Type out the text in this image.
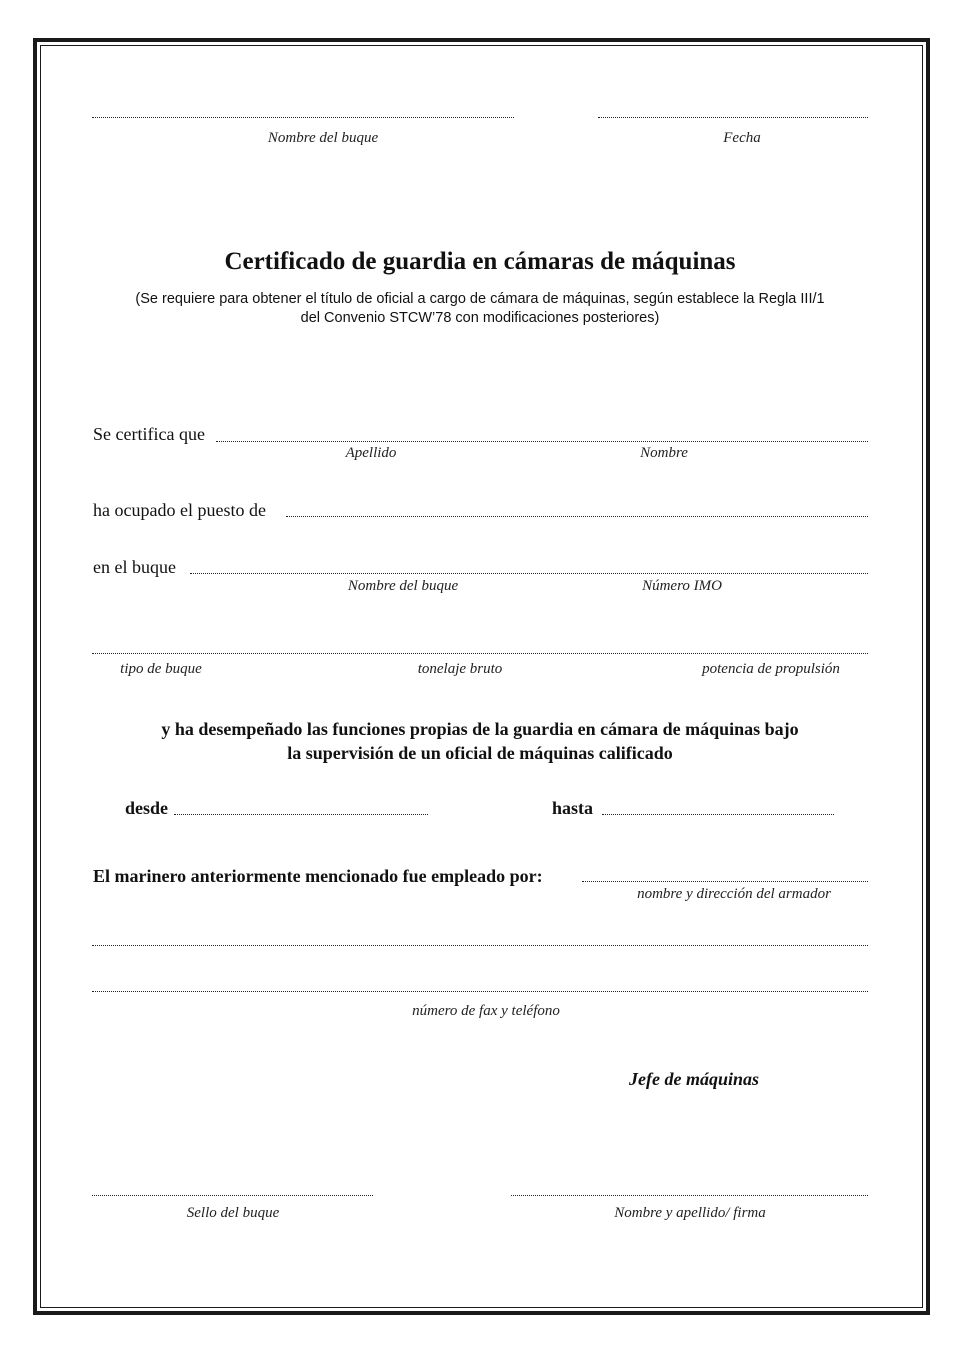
Nombre del buque	Fecha
Certificado de guardia en cámaras de máquinas
(Se requiere para obtener el título de oficial a cargo de cámara de máquinas, según establece la Regla III/1
del Convenio STCW’78 con modificaciones posteriores)
Se certifica que
Apellido	Nombre
ha ocupado el puesto de
en el buque
Nombre del buque	Número IMO
tipo de buque	tonelaje bruto	potencia de propulsión
y ha desempeñado las funciones propias de la guardia en cámara de máquinas bajo
la supervisión de un oficial de máquinas calificado
desde	hasta
El marinero anteriormente mencionado fue empleado por:
nombre y dirección del armador
número de fax y teléfono
Jefe de máquinas
Sello del buque	Nombre y apellido/ firma
